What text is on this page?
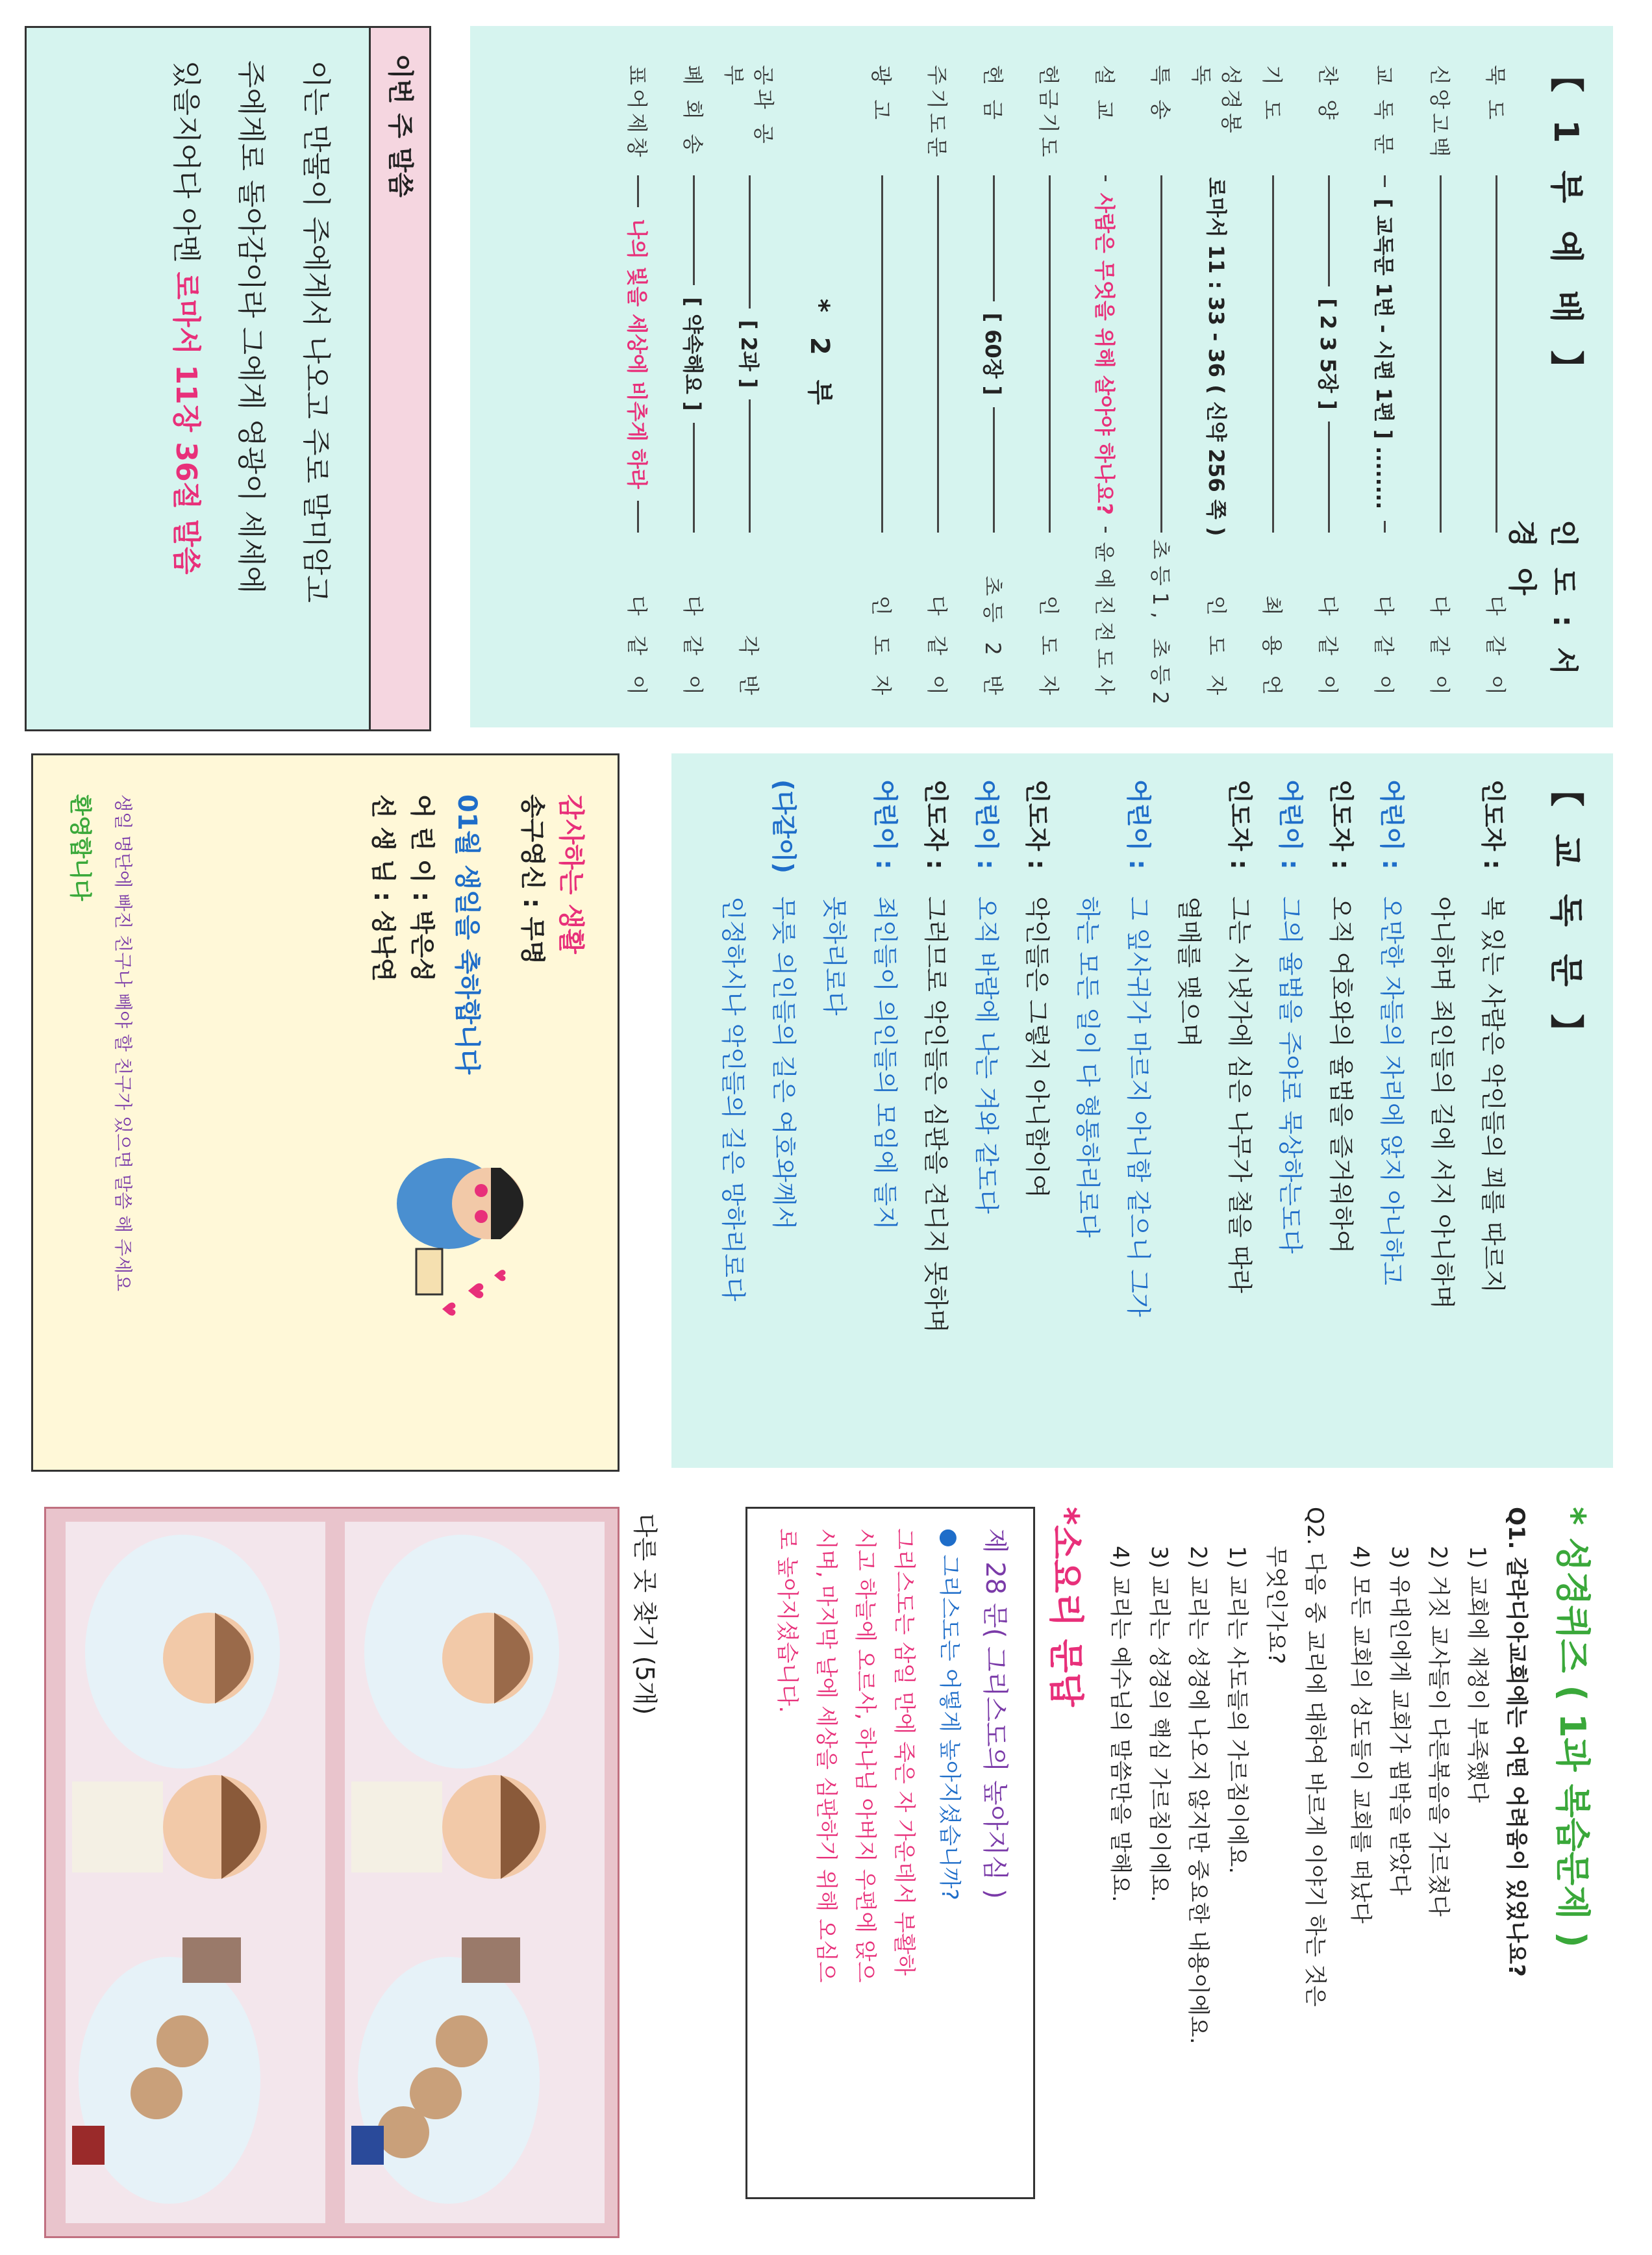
【 1 부 예 배 】
인 도 : 서 경 아
묵 도
다 같 이
신앙고백
다 같 이
교 독 문
[ 교독문 1번 - 시편 1편 ] ........
다 같 이
찬 양
[ 2 3 5장 ]
다 같 이
기 도
최 용 언
성경봉독
로마서 11 : 33 - 36 ( 신약 256 쪽 )
인 도 자
특 송
초등1, 초등2
설 교
사람은 무엇을 위해 살아야 하나요?
윤예진전도사
헌금기도
인 도 자
헌 금
[ 60장 ]
초등 2 반
주기도문
다 같 이
광 고
인 도 자
* 2 부
공과 공부
[ 2과 ]
각 반
폐 회 송
[ 약속해요 ]
다 같 이
표어제창
나의 빛을 세상에 비추게 하라
다 같 이
이번 주 말씀
이는 만물이 주에게서 나오고 주로 말미암고
주에게로 돌아감이라 그에게 영광이 세세에
있을지어다 아멘 로마서 11장 36절 말씀
【 교 독 문 】
인도자 :복 있는 사람은 악인들의 꾀를 따르지
아니하며 죄인들의 길에 서지 아니하며
어린이 :오만한 자들의 자리에 앉지 아니하고
인도자 :오직 여호와의 율법을 즐거워하여
어린이 :그의 율법을 주야로 묵상하는도다
인도자 :그는 시냇가에 심은 나무가 철을 따라
열매를 맺으며
어린이 :그 잎사귀가 마르지 아니함 같으니 그가
하는 모든 일이 다 형통하리로다
인도자 :악인들은 그렇지 아니함이여
어린이 :오직 바람에 나는 겨와 같도다
인도자 :그러므로 악인들은 심판을 견디지 못하며
어린이 :죄인들이 의인들의 모임에 들지
못하리로다
(다같이)무릇 의인들의 길은 여호와께서
인정하시나 악인들의 길은 망하리로다
감사하는 생활
송구영신 : 무명
01월 생일을 축하합니다
어 린 이 : 박은성
선 생 님 : 성낙연
생일 명단에 빠진 친구나 빼야 할 친구가 있으면 말씀 해 주세요
환영합니다
♥
♥
♥
* 성경퀴즈 ( 1과 복습문제 )
Q1. 갈라디아교회에는 어떤 어려움이 있었나요?
1) 교회에 재정이 부족했다
2) 거짓 교사들이 다른복음을 가르쳤다
3) 유대인에게 교회가 핍박을 받았다
4) 모든 교회의 성도들이 교회를 떠났다
Q2. 다음 중 교리에 대하여 바르게 이야기 하는 것은
무엇인가요?
1) 교리는 사도들의 가르침이에요.
2) 교리는 성경에 나오지 않지만 중요한 내용이에요.
3) 교리는 성경의 핵심 가르침이에요.
4) 교리는 예수님의 말씀만을 말해요.
*소요리 문답
제 28 문( 그리스도의 높아지심 )
● 그리스도는 어떻게 높아지셨습니까?
그리스도는 삼일 만에 죽은 자 가운데서 부활하
시고 하늘에 오르사, 하나님 아버지 우편에 앉으
시며, 마지막 날에 세상을 심판하기 위해 오심으
로 높아지셨습니다.
다른 곳 찾기 (5개)
